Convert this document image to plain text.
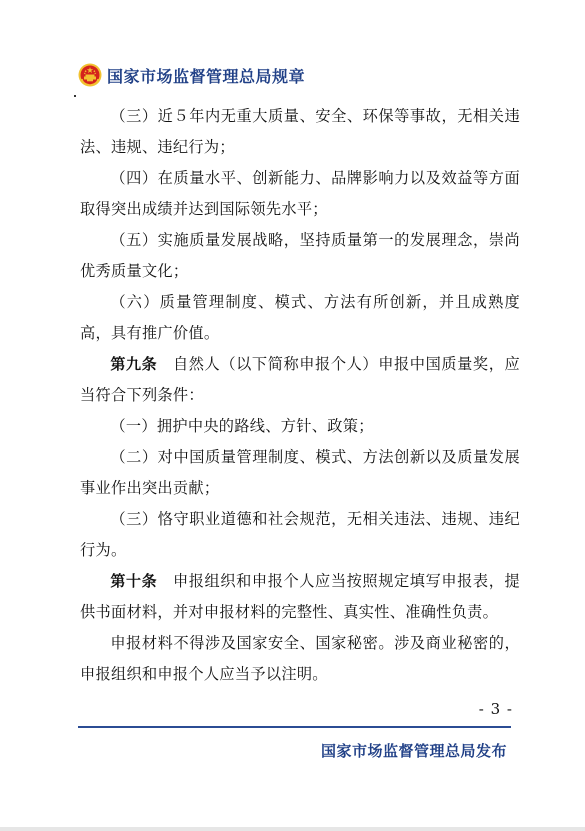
国家市场监督管理总局规章

（三）近５年内无重大质量、安全、环保等事故，无相关违法、违规、违纪行为；

（四）在质量水平、创新能力、品牌影响力以及效益等方面取得突出成绩并达到国际领先水平；

（五）实施质量发展战略，坚持质量第一的发展理念，崇尚优秀质量文化；

（六）质量管理制度、模式、方法有所创新，并且成熟度高，具有推广价值。

第九条　 自然人（以下简称申报个人）申报中国质量奖，应当符合下列条件：

（一）拥护中央的路线、方针、政策；

（二）对中国质量管理制度、模式、方法创新以及质量发展事业作出突出贡献；

（三）恪守职业道德和社会规范，无相关违法、违规、违纪行为。

第十条　 申报组织和申报个人应当按照规定填写申报表，提供书面材料，并对申报材料的完整性、真实性、准确性负责。

申报材料不得涉及国家安全、国家秘密。涉及商业秘密的，申报组织和申报个人应当予以注明。

- 3 -
国家市场监督管理总局发布
